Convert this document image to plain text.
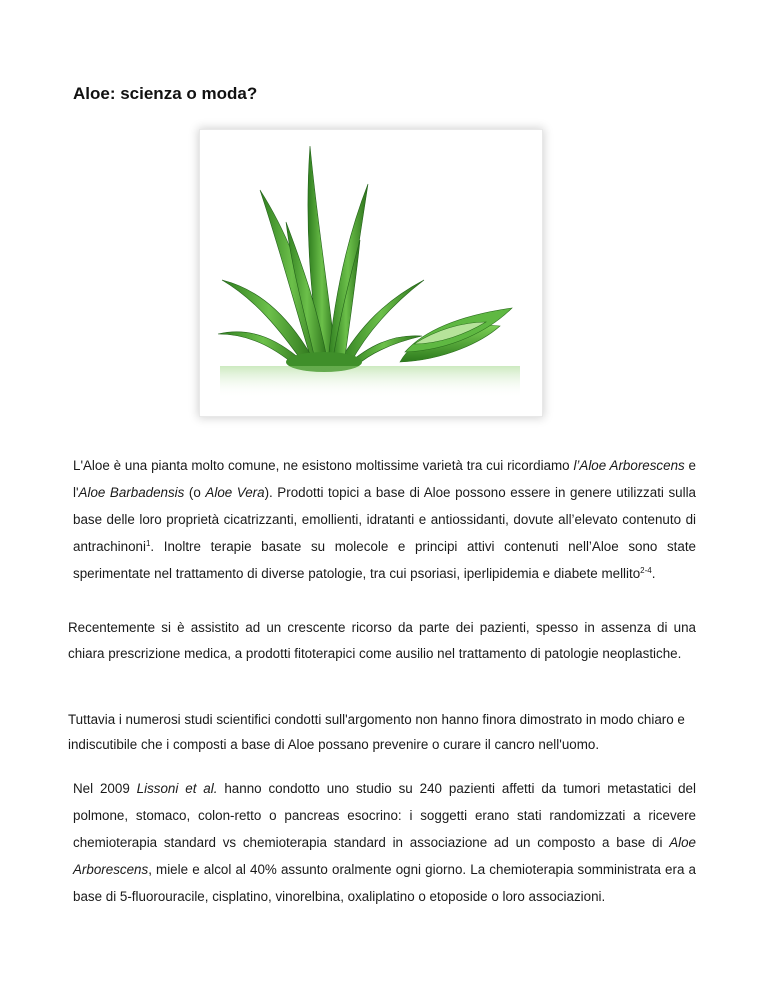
Aloe: scienza o moda?

L'Aloe è una pianta molto comune, ne esistono moltissime varietà tra cui ricordiamo l’Aloe Arborescens e l'Aloe Barbadensis (o Aloe Vera). Prodotti topici a base di Aloe possono essere in genere utilizzati sulla base delle loro proprietà cicatrizzanti, emollienti, idratanti e antiossidanti, dovute all’elevato contenuto di antrachinoni$^1$. Inoltre terapie basate su molecole e principi attivi contenuti nell’Aloe sono state sperimentate nel trattamento di diverse patologie, tra cui psoriasi, iperlipidemia e diabete mellito$^{2-4}$.

Recentemente si è assistito ad un crescente ricorso da parte dei pazienti, spesso in assenza di una chiara prescrizione medica, a prodotti fitoterapici come ausilio nel trattamento di patologie neoplastiche.

Tuttavia i numerosi studi scientifici condotti sull'argomento non hanno finora dimostrato in modo chiaro e indiscutibile che i composti a base di Aloe possano prevenire o curare il cancro nell'uomo.

Nel 2009 Lissoni et al. hanno condotto uno studio su 240 pazienti affetti da tumori metastatici del polmone, stomaco, colon-retto o pancreas esocrino: i soggetti erano stati randomizzati a ricevere chemioterapia standard vs chemioterapia standard in associazione ad un composto a base di Aloe Arborescens, miele e alcol al 40% assunto oralmente ogni giorno. La chemioterapia somministrata era a base di 5-fluorouracile, cisplatino, vinorelbina, oxaliplatino o etoposide o loro associazioni.
